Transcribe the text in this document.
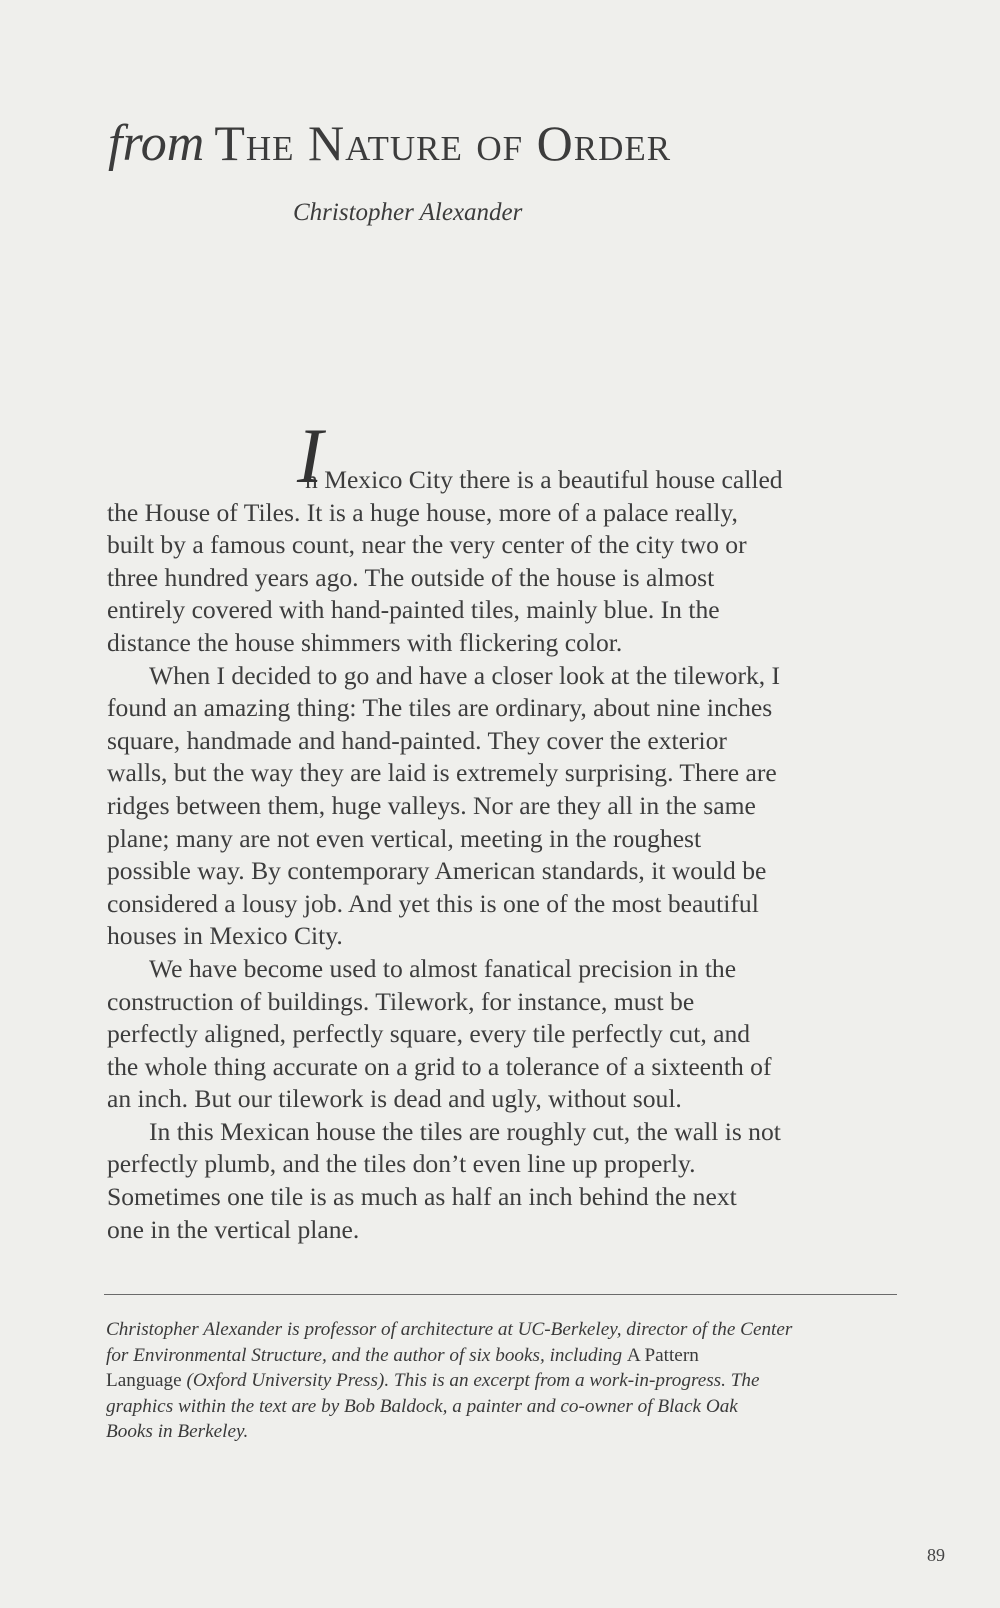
from The Nature of Order
Christopher Alexander

I
n Mexico City there is a beautiful house called

the House of Tiles. It is a huge house, more of a palace really,

built by a famous count, near the very center of the city two or

three hundred years ago. The outside of the house is almost

entirely covered with hand-painted tiles, mainly blue. In the

distance the house shimmers with flickering color.

When I decided to go and have a closer look at the tilework, I

found an amazing thing: The tiles are ordinary, about nine inches

square, handmade and hand-painted. They cover the exterior

walls, but the way they are laid is extremely surprising. There are

ridges between them, huge valleys. Nor are they all in the same

plane; many are not even vertical, meeting in the roughest

possible way. By contemporary American standards, it would be

considered a lousy job. And yet this is one of the most beautiful

houses in Mexico City.

We have become used to almost fanatical precision in the

construction of buildings. Tilework, for instance, must be

perfectly aligned, perfectly square, every tile perfectly cut, and

the whole thing accurate on a grid to a tolerance of a sixteenth of

an inch. But our tilework is dead and ugly, without soul.

In this Mexican house the tiles are roughly cut, the wall is not

perfectly plumb, and the tiles don’t even line up properly.

Sometimes one tile is as much as half an inch behind the next

one in the vertical plane.

Christopher Alexander is professor of architecture at UC-Berkeley, director of the Center

for Environmental Structure, and the author of six books, including A Pattern

Language (Oxford University Press). This is an excerpt from a work-in-progress. The

graphics within the text are by Bob Baldock, a painter and co-owner of Black Oak

Books in Berkeley.

89
